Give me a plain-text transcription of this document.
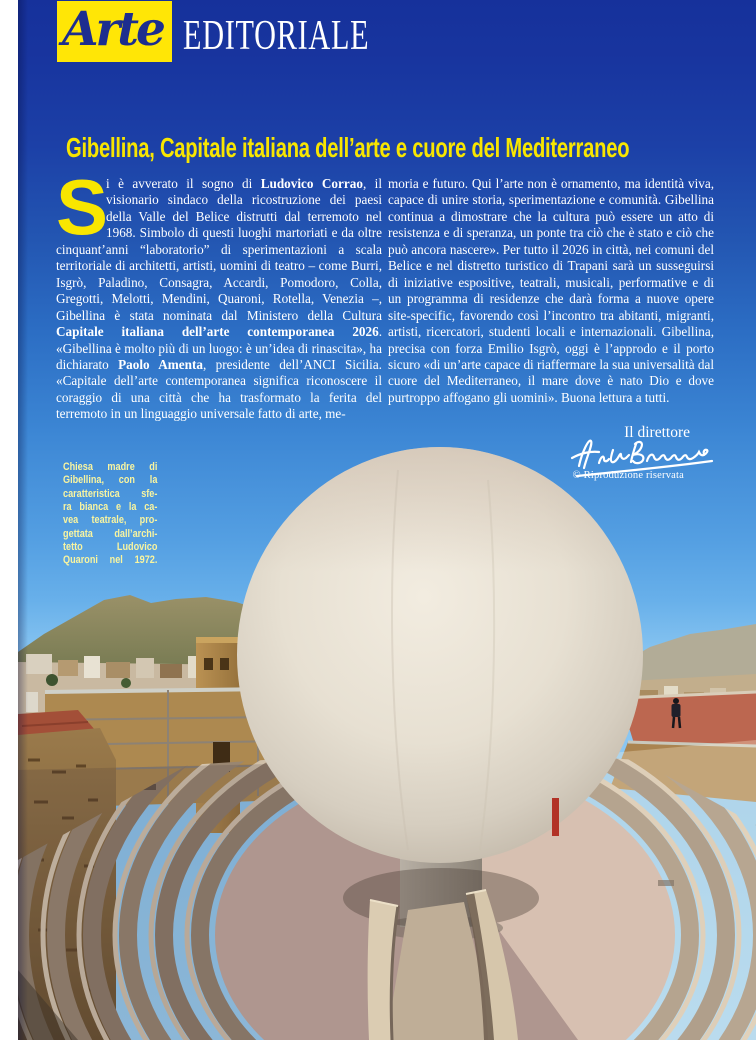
Arte EDITORIALE
Gibellina, Capitale italiana dell’arte e cuore del Mediterraneo

S
i è avverato il sogno di Ludovico Corrao, il visionario sindaco della ricostruzione dei paesi della Valle del Belice distrutti dal terremoto nel 1968. Simbolo di questi luoghi martoriati e da oltre cinquant’anni “laboratorio” di sperimentazioni a scala territoriale di architetti, artisti, uomini di teatro – come Burri, Isgrò, Paladino, Consagra, Accardi, Pomodoro, Colla, Gregotti, Melotti, Mendini, Quaroni, Rotella, Venezia –, Gibellina è stata nominata dal Ministero della Cultura Capitale italiana dell’arte contemporanea 2026. «Gibellina è molto più di un luogo: è un’idea di rinascita», ha dichiarato Paolo Amenta, presidente dell’ANCI Sicilia. «Capitale dell’arte contemporanea significa riconoscere il coraggio di una città che ha trasformato la ferita del terremoto in un linguaggio universale fatto di arte, me-

moria e futuro. Qui l’arte non è ornamento, ma identità viva, capace di unire storia, sperimentazione e comunità. Gibellina continua a dimostrare che la cultura può essere un atto di resistenza e di speranza, un ponte tra ciò che è stato e ciò che può ancora nascere». Per tutto il 2026 in città, nei comuni del Belice e nel distretto turistico di Trapani sarà un susseguirsi di iniziative espositive, teatrali, musicali, performative e di un programma di residenze che darà forma a nuove opere site-specific, favorendo così l’incontro tra abitanti, migranti, artisti, ricercatori, studenti locali e internazionali. Gibellina, precisa con forza Emilio Isgrò, oggi è l’approdo e il porto sicuro «di un’arte capace di riaffermare la sua universalità dal cuore del Mediterraneo, il mare dove è nato Dio e dove purtroppo affogano gli uomini». Buona lettura a tutti.

Il direttore
© Riproduzione riservata
Chiesa madre di
Gibellina, con la
caratteristica sfe-
ra bianca e la ca-
vea teatrale, pro-
gettata dall’archi-
tetto Ludovico
Quaroni nel 1972.
